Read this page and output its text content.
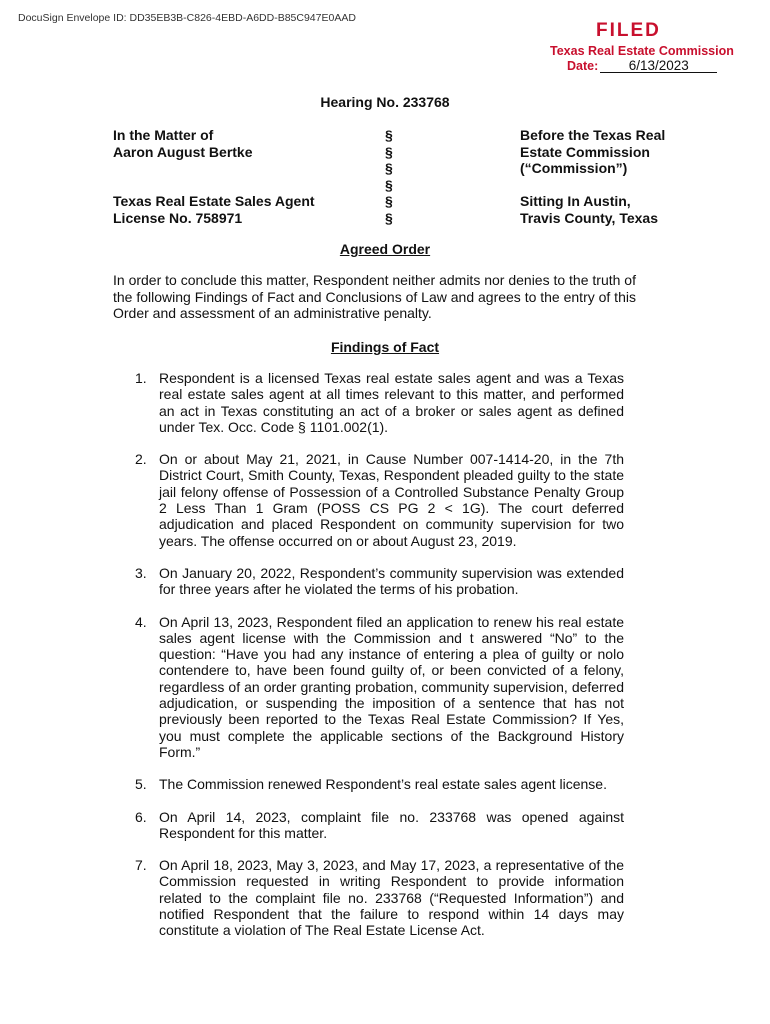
DocuSign Envelope ID: DD35EB3B-C826-4EBD-A6DD-B85C947E0AAD
FILED
Texas Real Estate Commission
Date:	6/13/2023
Hearing No. 233768
In the Matter of
Aaron August Bertke
Texas Real Estate Sales Agent
License No. 758971
§
§
§
§
§
§
Before the Texas Real
Estate Commission
(“Commission”)
Sitting In Austin,
Travis County, Texas
Agreed Order
In order to conclude this matter, Respondent neither admits nor denies to the truth of the following Findings of Fact and Conclusions of Law and agrees to the entry of this Order and assessment of an administrative penalty.
Findings of Fact
1. Respondent is a licensed Texas real estate sales agent and was a Texas real estate sales agent at all times relevant to this matter, and performed an act in Texas constituting an act of a broker or sales agent as defined under Tex. Occ. Code § 1101.002(1).
2. On or about May 21, 2021, in Cause Number 007-1414-20, in the 7th District Court, Smith County, Texas, Respondent pleaded guilty to the state jail felony offense of Possession of a Controlled Substance Penalty Group 2 Less Than 1 Gram (POSS CS PG 2 < 1G). The court deferred adjudication and placed Respondent on community supervision for two years. The offense occurred on or about August 23, 2019.
3. On January 20, 2022, Respondent’s community supervision was extended for three years after he violated the terms of his probation.
4. On April 13, 2023, Respondent filed an application to renew his real estate sales agent license with the Commission and t answered “No” to the question: “Have you had any instance of entering a plea of guilty or nolo contendere to, have been found guilty of, or been convicted of a felony, regardless of an order granting probation, community supervision, deferred adjudication, or suspending the imposition of a sentence that has not previously been reported to the Texas Real Estate Commission? If Yes, you must complete the applicable sections of the Background History Form.”
5. The Commission renewed Respondent’s real estate sales agent license.
6. On April 14, 2023, complaint file no. 233768 was opened against Respondent for this matter.
7. On April 18, 2023, May 3, 2023, and May 17, 2023, a representative of the Commission requested in writing Respondent to provide information related to the complaint file no. 233768 (“Requested Information”) and notified Respondent that the failure to respond within 14 days may constitute a violation of The Real Estate License Act.
